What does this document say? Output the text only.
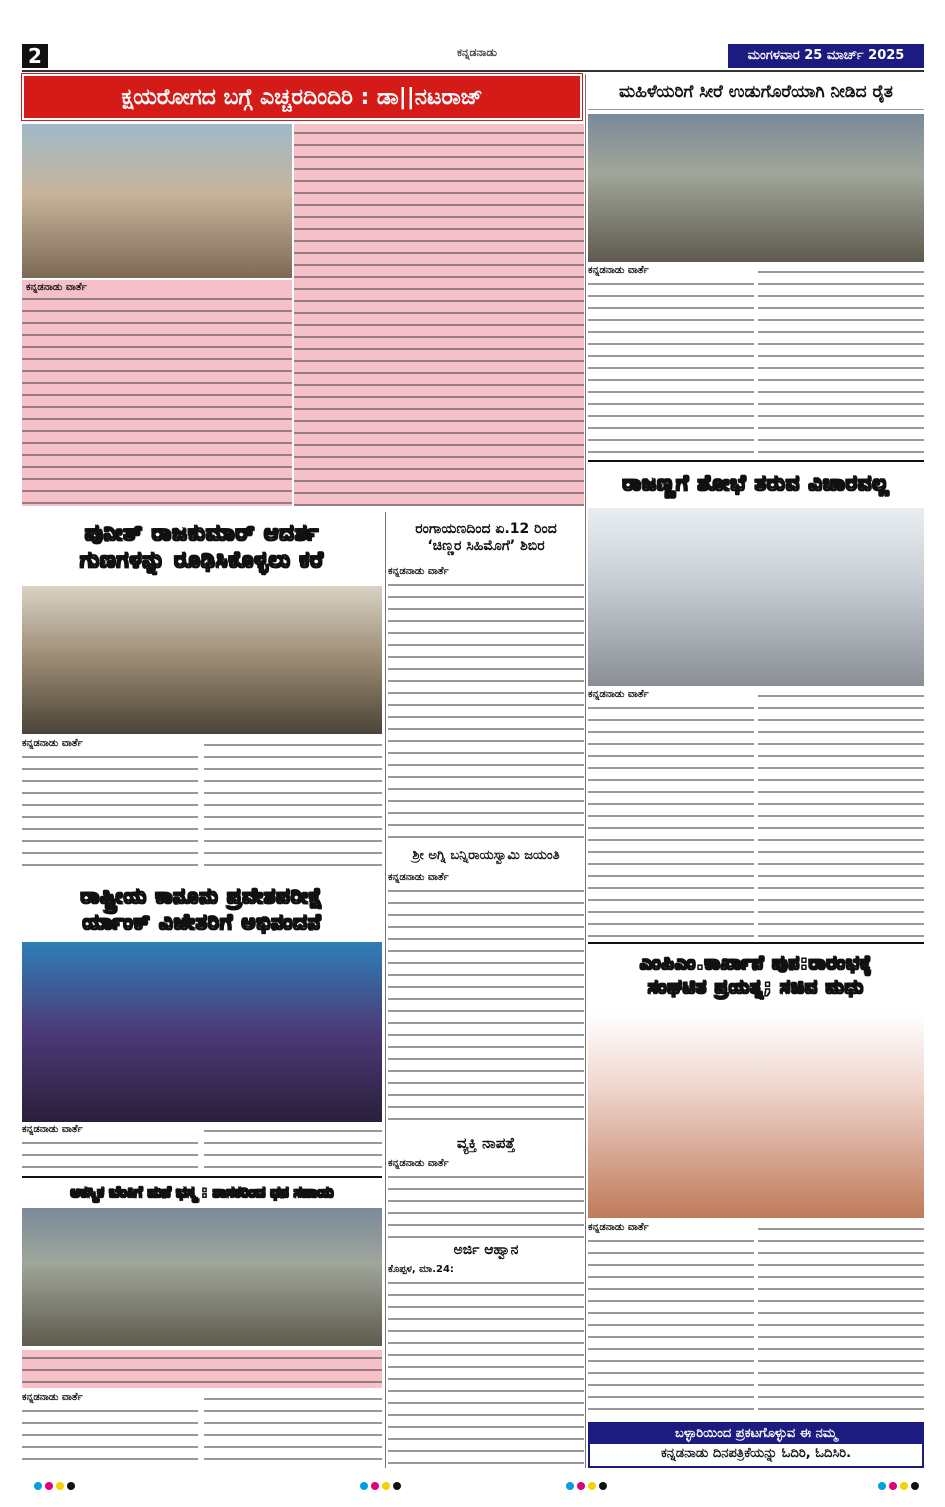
2	ಕನ್ನಡನಾಡು	ಮಂಗಳವಾರ 25 ಮಾರ್ಚ್ 2025
ಕ್ಷಯರೋಗದ ಬಗ್ಗೆ ಎಚ್ಚರದಿಂದಿರಿ : ಡಾ||ನಟರಾಜ್
ಕನ್ನಡನಾಡು ವಾರ್ತೆ
ಮಹಿಳೆಯರಿಗೆ ಸೀರೆ ಉಡುಗೊರೆಯಾಗಿ ನೀಡಿದ ರೈತ
ಕನ್ನಡನಾಡು ವಾರ್ತೆ
ರಾಜಣ್ಣಗೆ ಶೋಭೆ ತರುವ ವಿಚಾರವಲ್ಲ
ಕನ್ನಡನಾಡು ವಾರ್ತೆ
ಪುನೀತ್ ರಾಜಕುಮಾರ್ ಆದರ್ಶ
ಗುಣಗಳನ್ನು ರೂಢಿಸಿಕೊಳ್ಳಲು ಕರೆ
ಕನ್ನಡನಾಡು ವಾರ್ತೆ
ರಂಗಾಯಣದಿಂದ ಏ.12 ರಿಂದ
‘ಚಿಣ್ಣರ ಸಿಹಿಮೊಗೆ’ ಶಿಬಿರ
ಕನ್ನಡನಾಡು ವಾರ್ತೆ
ಶ್ರೀ ಅಗ್ನಿ ಬನ್ನಿರಾಯಸ್ವಾಮಿ ಜಯಂತಿ
ಕನ್ನಡನಾಡು ವಾರ್ತೆ
ವ್ಯಕ್ತಿ ನಾಪತ್ತೆ
ಕನ್ನಡನಾಡು ವಾರ್ತೆ
ಅರ್ಜಿ ಆಹ್ವಾನ
ಕೊಪ್ಪಳ, ಮಾ.24:
ರಾಷ್ಟ್ರೀಯ ಕಾನೂನು ಪ್ರವೇಶಪರೀಕ್ಷೆ
ರ್ಯಾಂಕ್ ವಿಜೇತರಿಗೆ ಅಭಿನಂದನೆ
ಕನ್ನಡನಾಡು ವಾರ್ತೆ
ಆಕಸ್ಮಿಕ ಬೆಂಕಿಗೆ ಮನೆ ಭಸ್ಮ : ಶಾಸಕರಿಂದ ಧನ ಸಹಾಯ
ಕನ್ನಡನಾಡು ವಾರ್ತೆ
ಎಂಪಿಎಂ.ಕಾರ್ಖಾನೆ ಪುನ:ರಾರಂಭಕ್ಕೆ
ಸಂಘಟಿತ ಪ್ರಯತ್ನ; ಸಚಿವ ಮಧು
ಕನ್ನಡನಾಡು ವಾರ್ತೆ
ಬಳ್ಳಾರಿಯಿಂದ ಪ್ರಕಟಗೊಳ್ಳುವ ಈ ನಮ್ಮ
ಕನ್ನಡನಾಡು ದಿನಪತ್ರಿಕೆಯನ್ನು ಓದಿರಿ, ಓದಿಸಿರಿ.
